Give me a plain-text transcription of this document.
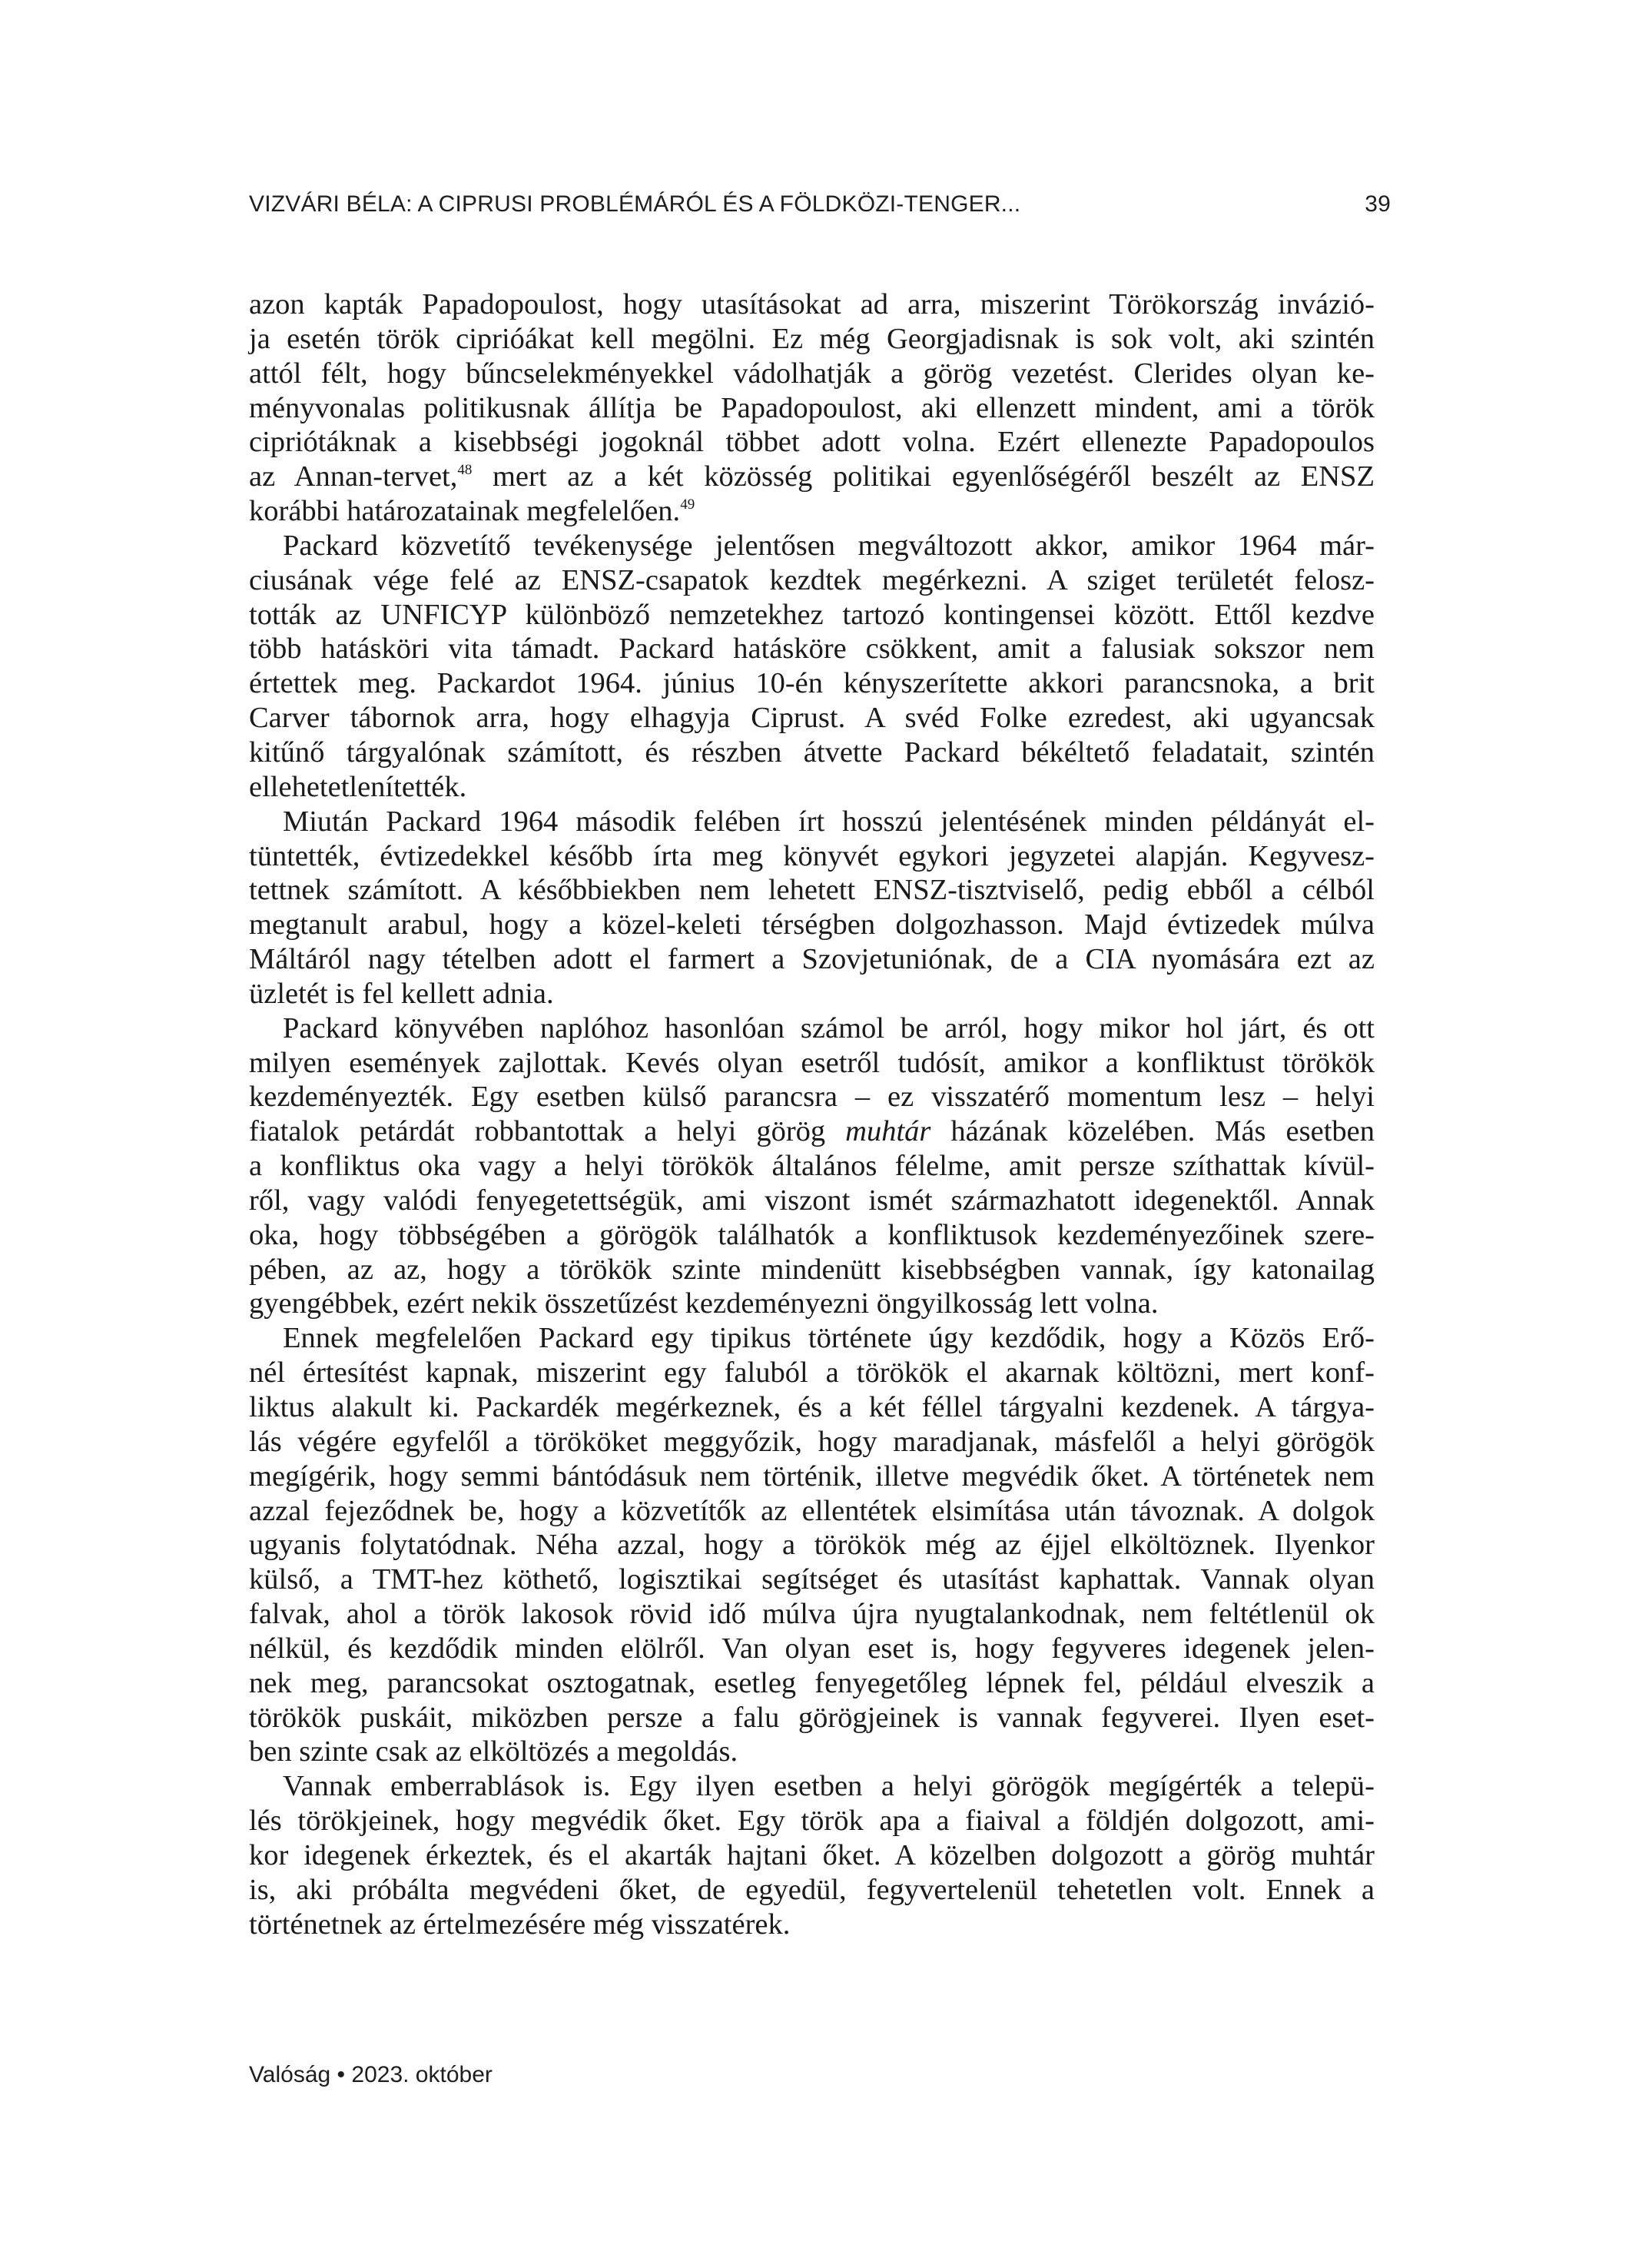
VIZVÁRI BÉLA: A CIPRUSI PROBLÉMÁRÓL ÉS A FÖLDKÖZI-TENGER...	39
azon kapták Papadopoulost, hogy utasításokat ad arra, miszerint Törökország invázió-
ja esetén török ciprióákat kell megölni. Ez még Georgjadisnak is sok volt, aki szintén
attól félt, hogy bűncselekményekkel vádolhatják a görög vezetést. Clerides olyan ke-
ményvonalas politikusnak állítja be Papadopoulost, aki ellenzett mindent, ami a török
cipriótáknak a kisebbségi jogoknál többet adott volna. Ezért ellenezte Papadopoulos
az Annan-tervet,$^{48}$ mert az a két közösség politikai egyenlőségéről beszélt az ENSZ
korábbi határozatainak megfelelően.$^{49}$
Packard közvetítő tevékenysége jelentősen megváltozott akkor, amikor 1964 már-
ciusának vége felé az ENSZ-csapatok kezdtek megérkezni. A sziget területét felosz-
tották az UNFICYP különböző nemzetekhez tartozó kontingensei között. Ettől kezdve
több hatásköri vita támadt. Packard hatásköre csökkent, amit a falusiak sokszor nem
értettek meg. Packardot 1964. június 10-én kényszerítette akkori parancsnoka, a brit
Carver tábornok arra, hogy elhagyja Ciprust. A svéd Folke ezredest, aki ugyancsak
kitűnő tárgyalónak számított, és részben átvette Packard békéltető feladatait, szintén
ellehetetlenítették.
Miután Packard 1964 második felében írt hosszú jelentésének minden példányát el-
tüntették, évtizedekkel később írta meg könyvét egykori jegyzetei alapján. Kegyvesz-
tettnek számított. A későbbiekben nem lehetett ENSZ-tisztviselő, pedig ebből a célból
megtanult arabul, hogy a közel-keleti térségben dolgozhasson. Majd évtizedek múlva
Máltáról nagy tételben adott el farmert a Szovjetuniónak, de a CIA nyomására ezt az
üzletét is fel kellett adnia.
Packard könyvében naplóhoz hasonlóan számol be arról, hogy mikor hol járt, és ott
milyen események zajlottak. Kevés olyan esetről tudósít, amikor a konfliktust törökök
kezdeményezték. Egy esetben külső parancsra – ez visszatérő momentum lesz – helyi
fiatalok petárdát robbantottak a helyi görög muhtár házának közelében. Más esetben
a konfliktus oka vagy a helyi törökök általános félelme, amit persze szíthattak kívül-
ről, vagy valódi fenyegetettségük, ami viszont ismét származhatott idegenektől. Annak
oka, hogy többségében a görögök találhatók a konfliktusok kezdeményezőinek szere-
pében, az az, hogy a törökök szinte mindenütt kisebbségben vannak, így katonailag
gyengébbek, ezért nekik összetűzést kezdeményezni öngyilkosság lett volna.
Ennek megfelelően Packard egy tipikus története úgy kezdődik, hogy a Közös Erő-
nél értesítést kapnak, miszerint egy faluból a törökök el akarnak költözni, mert konf-
liktus alakult ki. Packardék megérkeznek, és a két féllel tárgyalni kezdenek. A tárgya-
lás végére egyfelől a törököket meggyőzik, hogy maradjanak, másfelől a helyi görögök
megígérik, hogy semmi bántódásuk nem történik, illetve megvédik őket. A történetek nem
azzal fejeződnek be, hogy a közvetítők az ellentétek elsimítása után távoznak. A dolgok
ugyanis folytatódnak. Néha azzal, hogy a törökök még az éjjel elköltöznek. Ilyenkor
külső, a TMT-hez köthető, logisztikai segítséget és utasítást kaphattak. Vannak olyan
falvak, ahol a török lakosok rövid idő múlva újra nyugtalankodnak, nem feltétlenül ok
nélkül, és kezdődik minden elölről. Van olyan eset is, hogy fegyveres idegenek jelen-
nek meg, parancsokat osztogatnak, esetleg fenyegetőleg lépnek fel, például elveszik a
törökök puskáit, miközben persze a falu görögjeinek is vannak fegyverei. Ilyen eset-
ben szinte csak az elköltözés a megoldás.
Vannak emberrablások is. Egy ilyen esetben a helyi görögök megígérték a telepü-
lés törökjeinek, hogy megvédik őket. Egy török apa a fiaival a földjén dolgozott, ami-
kor idegenek érkeztek, és el akarták hajtani őket. A közelben dolgozott a görög muhtár
is, aki próbálta megvédeni őket, de egyedül, fegyvertelenül tehetetlen volt. Ennek a
történetnek az értelmezésére még visszatérek.
Valóság • 2023. október
